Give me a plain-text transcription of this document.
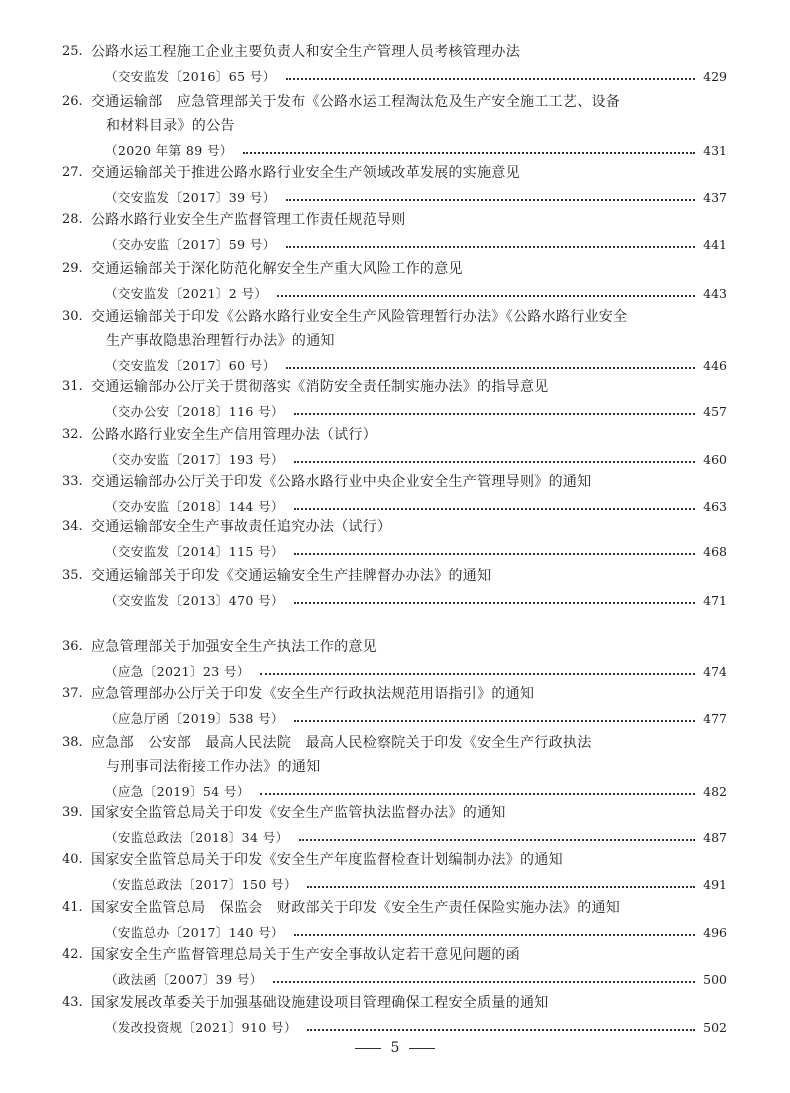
25. 公路水运工程施工企业主要负责人和安全生产管理人员考核管理办法
（交安监发〔2016〕65 号）	429
26. 交通运输部　应急管理部关于发布《公路水运工程淘汰危及生产安全施工工艺、设备
和材料目录》的公告
（2020 年第 89 号）	431
27. 交通运输部关于推进公路水路行业安全生产领域改革发展的实施意见
（交安监发〔2017〕39 号）	437
28. 公路水路行业安全生产监督管理工作责任规范导则
（交办安监〔2017〕59 号）	441
29. 交通运输部关于深化防范化解安全生产重大风险工作的意见
（交安监发〔2021〕2 号）	443
30. 交通运输部关于印发《公路水路行业安全生产风险管理暂行办法》《公路水路行业安全
生产事故隐患治理暂行办法》的通知
（交安监发〔2017〕60 号）	446
31. 交通运输部办公厅关于贯彻落实《消防安全责任制实施办法》的指导意见
（交办公安〔2018〕116 号）	457
32. 公路水路行业安全生产信用管理办法（试行）
（交办安监〔2017〕193 号）	460
33. 交通运输部办公厅关于印发《公路水路行业中央企业安全生产管理导则》的通知
（交办安监〔2018〕144 号）	463
34. 交通运输部安全生产事故责任追究办法（试行）
（交安监发〔2014〕115 号）	468
35. 交通运输部关于印发《交通运输安全生产挂牌督办办法》的通知
（交安监发〔2013〕470 号）	471
36. 应急管理部关于加强安全生产执法工作的意见
（应急〔2021〕23 号）	474
37. 应急管理部办公厅关于印发《安全生产行政执法规范用语指引》的通知
（应急厅函〔2019〕538 号）	477
38. 应急部　公安部　最高人民法院　最高人民检察院关于印发《安全生产行政执法
与刑事司法衔接工作办法》的通知
（应急〔2019〕54 号）	482
39. 国家安全监管总局关于印发《安全生产监管执法监督办法》的通知
（安监总政法〔2018〕34 号）	487
40. 国家安全监管总局关于印发《安全生产年度监督检查计划编制办法》的通知
（安监总政法〔2017〕150 号）	491
41. 国家安全监管总局　保监会　财政部关于印发《安全生产责任保险实施办法》的通知
（安监总办〔2017〕140 号）	496
42. 国家安全生产监督管理总局关于生产安全事故认定若干意见问题的函
（政法函〔2007〕39 号）	500
43. 国家发展改革委关于加强基础设施建设项目管理确保工程安全质量的通知
（发改投资规〔2021〕910 号）	502
5
